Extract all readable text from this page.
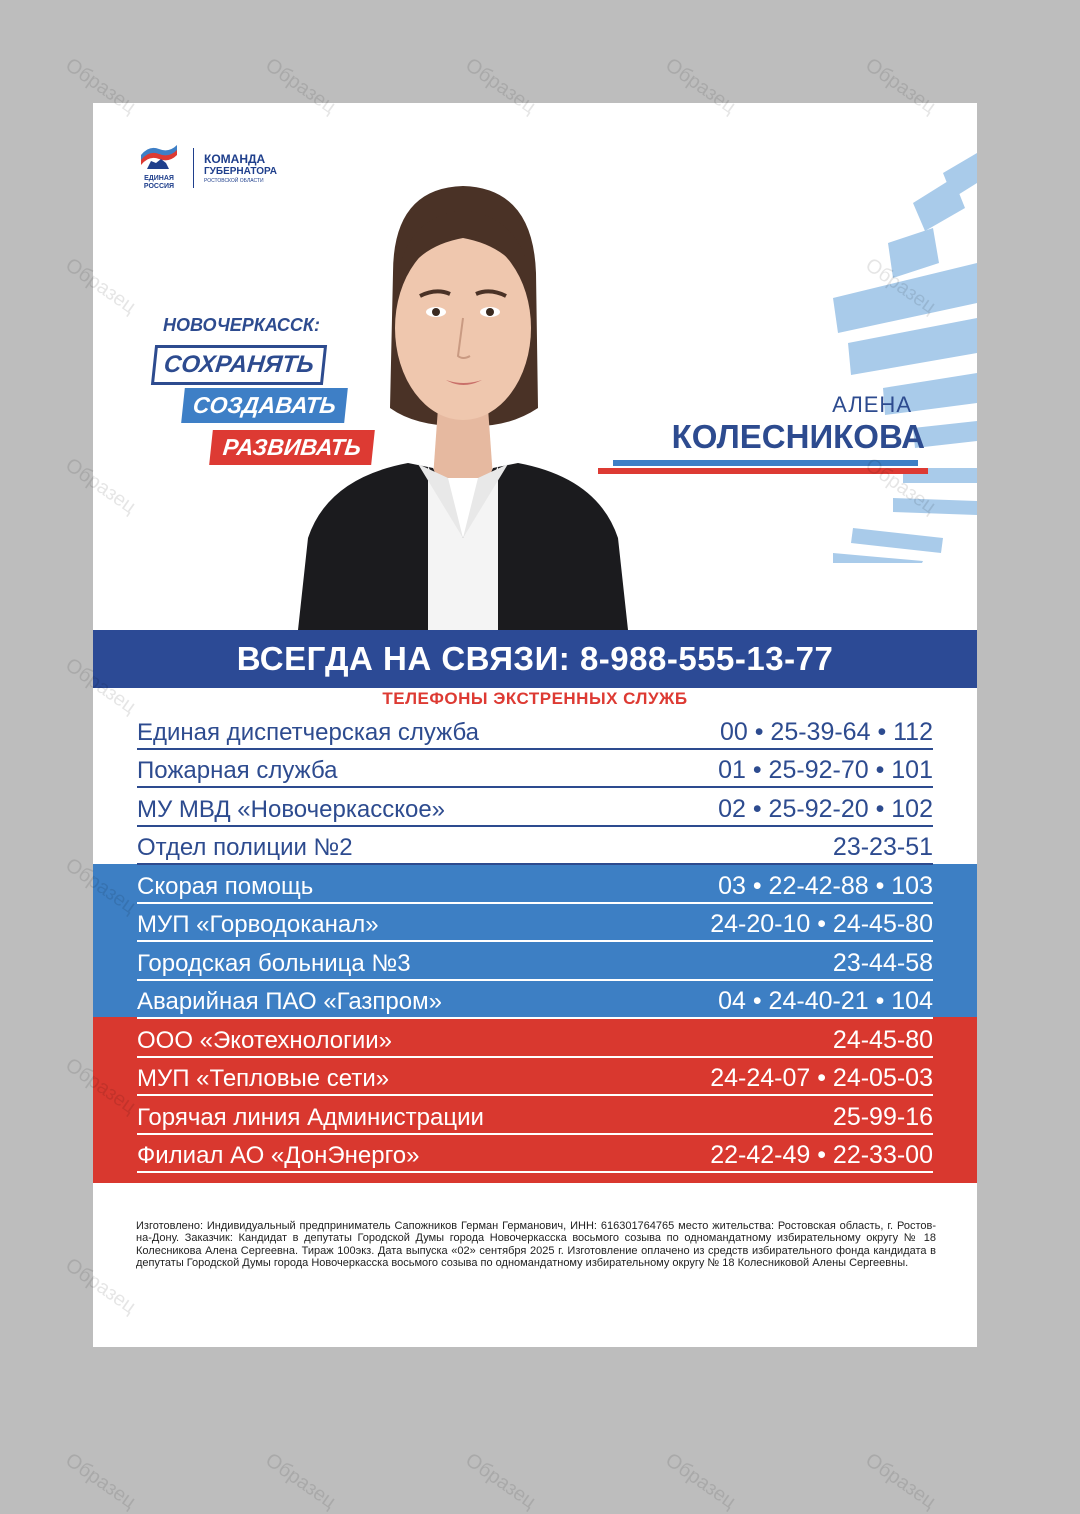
Образец	Образец	Образец	Образец	Образец
Образец	Образец	Образец	Образец	Образец
ЕДИНАЯ
РОССИЯ
КОМАНДА
ГУБЕРНАТОРА
РОСТОВСКОЙ ОБЛАСТИ
НОВОЧЕРКАССК:
СОХРАНЯТЬ
СОЗДАВАТЬ
РАЗВИВАТЬ
АЛЕНА
КОЛЕСНИКОВА
ВСЕГДА НА СВЯЗИ: 8-988-555-13-77
ТЕЛЕФОНЫ ЭКСТРЕННЫХ СЛУЖБ
Единая диспетчерская служба	00 • 25-39-64 • 112
Пожарная служба	01 • 25-92-70 • 101
МУ МВД «Новочеркасское»	02 • 25-92-20 • 102
Отдел полиции №2	23-23-51
Скорая помощь	03 • 22-42-88 • 103
МУП «Горводоканал»	24-20-10 • 24-45-80
Городская больница №3	23-44-58
Аварийная ПАО «Газпром»	04 • 24-40-21 • 104
ООО «Экотехнологии»	24-45-80
МУП «Тепловые сети»	24-24-07 • 24-05-03
Горячая линия Администрации	25-99-16
Филиал АО «ДонЭнерго»	22-42-49 • 22-33-00
Изготовлено: Индивидуальный предприниматель Сапожников Герман Германович, ИНН: 616301764765 место жительства: Ростовская область, г. Ростов-на-Дону. Заказчик: Кандидат в депутаты Городской Думы города Новочеркасска восьмого созыва по одномандатному избирательному округу № 18 Колесникова Алена Сергеевна. Тираж 100экз. Дата выпуска «02» сентября 2025 г. Изготовление оплачено из средств избирательного фонда кандидата в депутаты Городской Думы города Новочеркасска восьмого созыва по одномандатному избирательному округу № 18 Колесниковой Алены Сергеевны.
